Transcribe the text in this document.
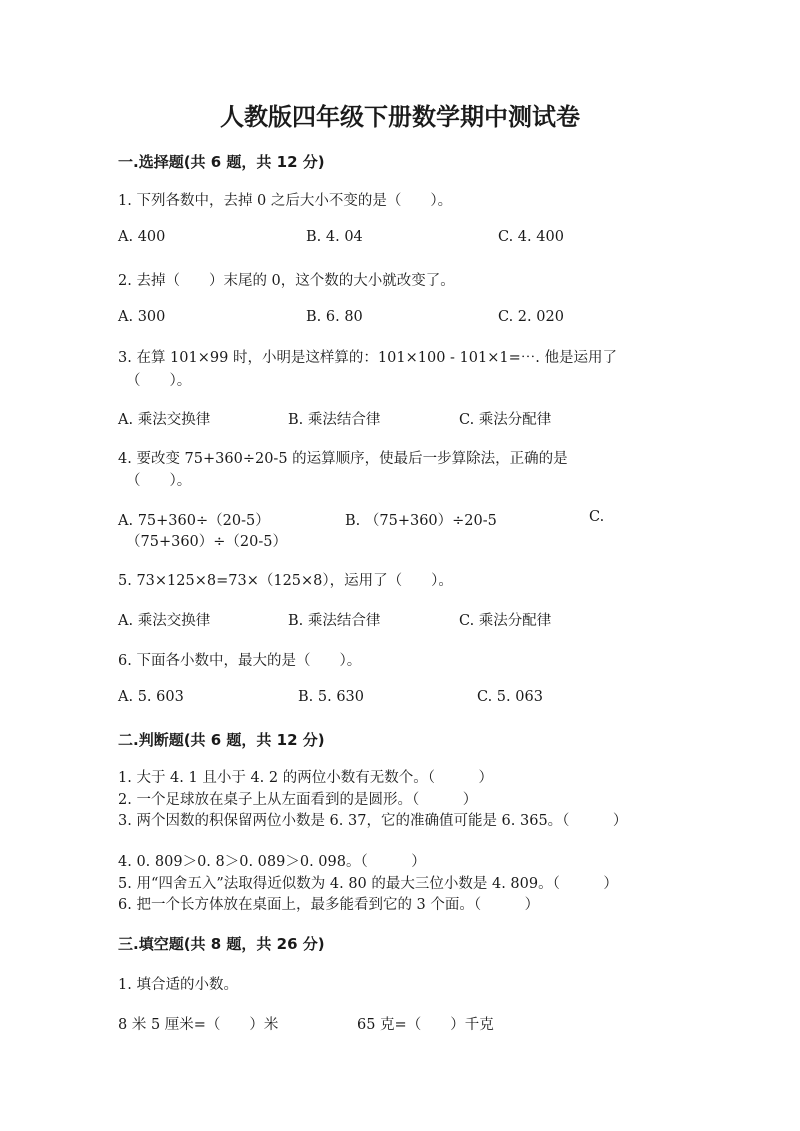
人教版四年级下册数学期中测试卷
一.选择题(共 6 题，共 12 分)
1. 下列各数中，去掉 0 之后大小不变的是（　　）。
A. 400	B. 4. 04	C. 4. 400
2. 去掉（　　）末尾的 0，这个数的大小就改变了。
A. 300	B. 6. 80	C. 2. 020
3. 在算 101×99 时，小明是这样算的：101×100 - 101×1=⋯. 他是运用了
（　　）。
A. 乘法交换律	B. 乘法结合律	C. 乘法分配律
4. 要改变 75+360÷20-5 的运算顺序，使最后一步算除法，正确的是
（　　）。
A. 75+360÷（20-5）	B. （75+360）÷20-5	C.
（75+360）÷（20-5）
5. 73×125×8=73×（125×8），运用了（　　）。
A. 乘法交换律	B. 乘法结合律	C. 乘法分配律
6. 下面各小数中，最大的是（　　）。
A. 5. 603	B. 5. 630	C. 5. 063
二.判断题(共 6 题，共 12 分)
1. 大于 4. 1 且小于 4. 2 的两位小数有无数个。（　　　）
2. 一个足球放在桌子上从左面看到的是圆形。（　　　）
3. 两个因数的积保留两位小数是 6. 37，它的准确值可能是 6. 365。（　　　）
4. 0. 809＞0. 8＞0. 089＞0. 098。（　　　）
5. 用“四舍五入”法取得近似数为 4. 80 的最大三位小数是 4. 809。（　　　）
6. 把一个长方体放在桌面上，最多能看到它的 3 个面。（　　　）
三.填空题(共 8 题，共 26 分)
1. 填合适的小数。
8 米 5 厘米=（　　）米	65 克=（　　）千克
